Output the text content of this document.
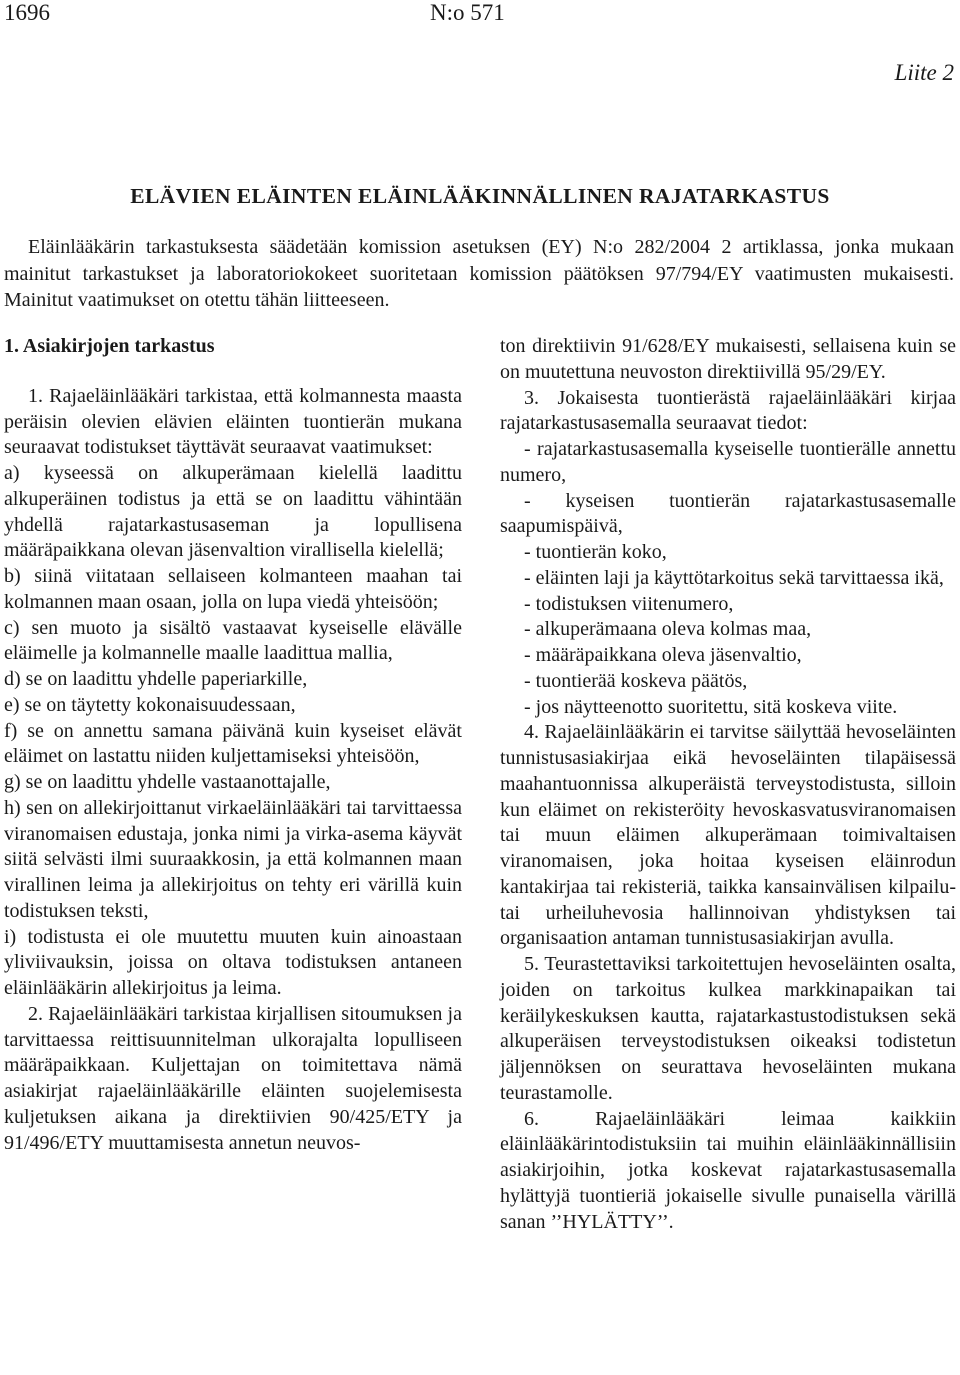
1696	N:o 571
Liite 2
ELÄVIEN ELÄINTEN ELÄINLÄÄKINNÄLLINEN RAJATARKASTUS

Eläinlääkärin tarkastuksesta säädetään komission asetuksen (EY) N:o 282/2004 2 artiklassa, jonka mukaan mainitut tarkastukset ja laboratoriokokeet suoritetaan komission päätöksen 97/794/EY vaatimusten mukaisesti. Mainitut vaatimukset on otettu tähän liitteeseen.

1. Asiakirjojen tarkastus

1. Rajaeläinlääkäri tarkistaa, että kolmannesta maasta peräisin olevien elävien eläinten tuontierän mukana seuraavat todistukset täyttävät seuraavat vaatimukset:

a) kyseessä on alkuperämaan kielellä laadittu alkuperäinen todistus ja että se on laadittu vähintään yhdellä rajatarkastusaseman ja lopullisena määräpaikkana olevan jäsenvaltion virallisella kielellä;

b) siinä viitataan sellaiseen kolmanteen maahan tai kolmannen maan osaan, jolla on lupa viedä yhteisöön;

c) sen muoto ja sisältö vastaavat kyseiselle elävälle eläimelle ja kolmannelle maalle laadittua mallia,

d) se on laadittu yhdelle paperiarkille,

e) se on täytetty kokonaisuudessaan,

f) se on annettu samana päivänä kuin kyseiset elävät eläimet on lastattu niiden kuljettamiseksi yhteisöön,

g) se on laadittu yhdelle vastaanottajalle,

h) sen on allekirjoittanut virkaeläinlääkäri tai tarvittaessa viranomaisen edustaja, jonka nimi ja virka-asema käyvät siitä selvästi ilmi suuraakkosin, ja että kolmannen maan virallinen leima ja allekirjoitus on tehty eri värillä kuin todistuksen teksti,

i) todistusta ei ole muutettu muuten kuin ainoastaan yliviivauksin, joissa on oltava todistuksen antaneen eläinlääkärin allekirjoitus ja leima.

2. Rajaeläinlääkäri tarkistaa kirjallisen sitoumuksen ja tarvittaessa reittisuunnitelman ulkorajalta lopulliseen määräpaikkaan. Kuljettajan on toimitettava nämä asiakirjat rajaeläinlääkärille eläinten suojelemisesta kuljetuksen aikana ja direktiivien 90/425/ETY ja 91/496/ETY muuttamisesta annetun neuvos-

ton direktiivin 91/628/EY mukaisesti, sellaisena kuin se on muutettuna neuvoston direktiivillä 95/29/EY.

3. Jokaisesta tuontierästä rajaeläinlääkäri kirjaa rajatarkastusasemalla seuraavat tiedot:

- rajatarkastusasemalla kyseiselle tuontierälle annettu numero,

- kyseisen tuontierän rajatarkastusasemalle saapumispäivä,

- tuontierän koko,

- eläinten laji ja käyttötarkoitus sekä tarvittaessa ikä,

- todistuksen viitenumero,

- alkuperämaana oleva kolmas maa,

- määräpaikkana oleva jäsenvaltio,

- tuontierää koskeva päätös,

- jos näytteenotto suoritettu, sitä koskeva viite.

4. Rajaeläinlääkärin ei tarvitse säilyttää hevoseläinten tunnistusasiakirjaa eikä hevoseläinten tilapäisessä maahantuonnissa alkuperäistä terveystodistusta, silloin kun eläimet on rekisteröity hevoskasvatusviranomaisen tai muun eläimen alkuperämaan toimivaltaisen viranomaisen, joka hoitaa kyseisen eläinrodun kantakirjaa tai rekisteriä, taikka kansainvälisen kilpailu- tai urheiluhevosia hallinnoivan yhdistyksen tai organisaation antaman tunnistusasiakirjan avulla.

5. Teurastettaviksi tarkoitettujen hevoseläinten osalta, joiden on tarkoitus kulkea markkinapaikan tai keräilykeskuksen kautta, rajatarkastustodistuksen sekä alkuperäisen terveystodistuksen oikeaksi todistetun jäljennöksen on seurattava hevoseläinten mukana teurastamolle.

6. Rajaeläinlääkäri leimaa kaikkiin eläinlääkärintodistuksiin tai muihin eläinlääkinnällisiin asiakirjoihin, jotka koskevat rajatarkastusasemalla hylättyjä tuontieriä jokaiselle sivulle punaisella värillä sanan ’’HYLÄTTY’’.
